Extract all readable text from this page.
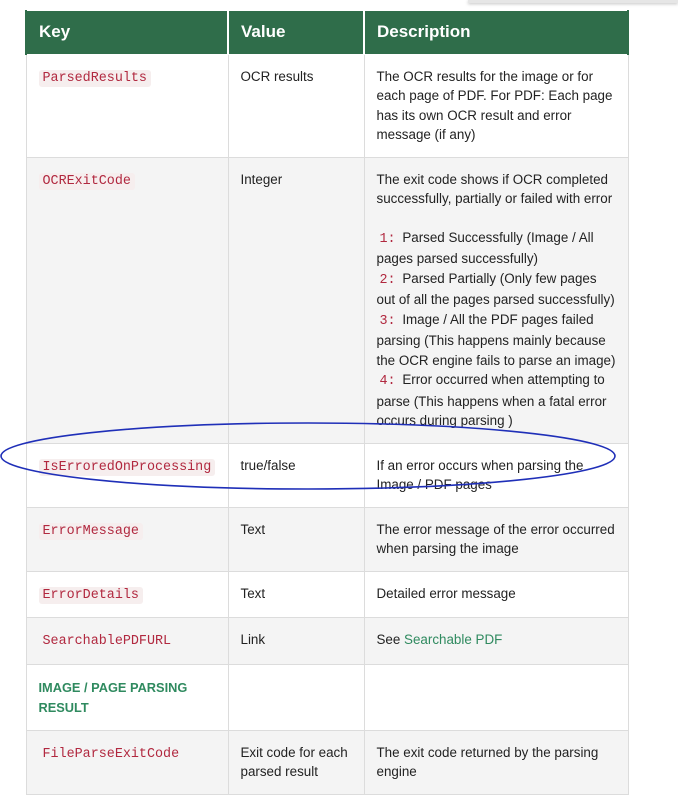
Key	Value	Description
ParsedResults	OCR results	The OCR results for the image or for each page of PDF. For PDF: Each page has its own OCR result and error message (if any)
OCRExitCode	Integer	The exit code shows if OCR completed successfully, partially or failed with error
1: Parsed Successfully (Image / All pages parsed successfully)
2: Parsed Partially (Only few pages out of all the pages parsed successfully)
3: Image / All the PDF pages failed parsing (This happens mainly because the OCR engine fails to parse an image)
4: Error occurred when attempting to parse (This happens when a fatal error occurs during parsing )

IsErroredOnProcessing	true/false	If an error occurs when parsing the Image / PDF pages
ErrorMessage	Text	The error message of the error occurred when parsing the image
ErrorDetails	Text	Detailed error message
SearchablePDFURL	Link	See Searchable PDF

IMAGE / PAGE PARSING RESULT		

FileParseExitCode	Exit code for each parsed result	The exit code returned by the parsing engine
